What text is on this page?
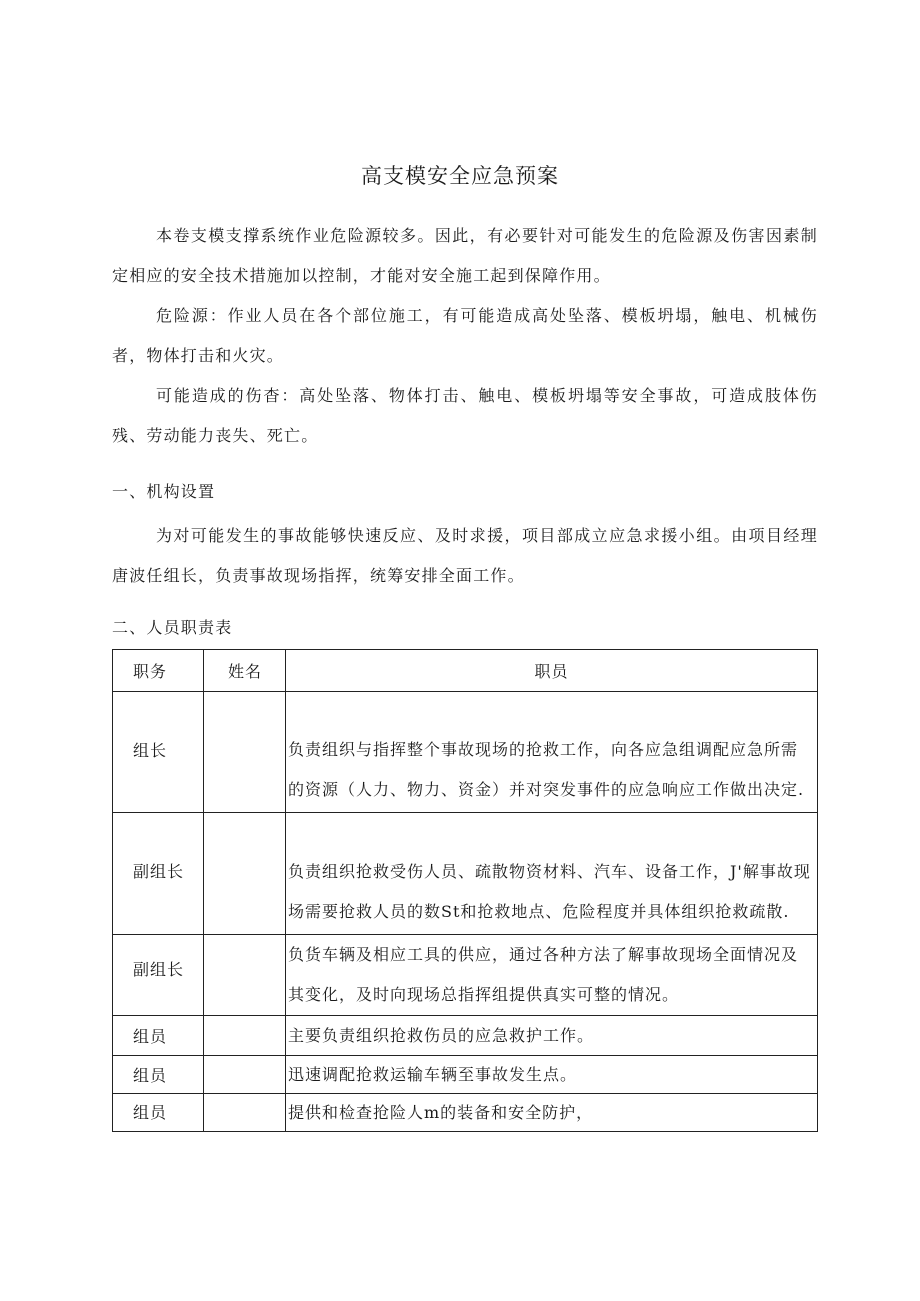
高支模安全应急预案

本卷支模支撑系统作业危险源较多。因此，有必要针对可能发生的危险源及伤害因素制定相应的安全技术措施加以控制，才能对安全施工起到保障作用。

危险源：作业人员在各个部位施工，有可能造成高处坠落、模板坍塌，触电、机械伤者，物体打击和火灾。

可能造成的伤杳：高处坠落、物体打击、触电、模板坍塌等安全事故，可造成肢体伤残、劳动能力丧失、死亡。

一、机构设置

为对可能发生的事故能够快速反应、及时求援，项目部成立应急求援小组。由项目经理唐波任组长，负责事故现场指挥，统筹安排全面工作。

二、人员职责表

职务	姓名	职员
组长		负责组织与指挥整个事故现场的抢救工作，向各应急组调配应急所需的资源（人力、物力、资金）并对突发事件的应急响应工作做出决定.
副组长		负责组织抢救受伤人员、疏散物资材料、汽车、设备工作，J'解事故现场需要抢救人员的数St和抢救地点、危险程度并具体组织抢救疏散.
副组长		负货车辆及相应工具的供应，通过各种方法了解事故现场全面情况及其变化，及时向现场总指挥组提供真实可整的情况。
组员		主要负责组织抢救伤员的应急救护工作。
组员		迅速调配抢救运输车辆至事故发生点。
组员		提供和检查抢险人m的装备和安全防护，
